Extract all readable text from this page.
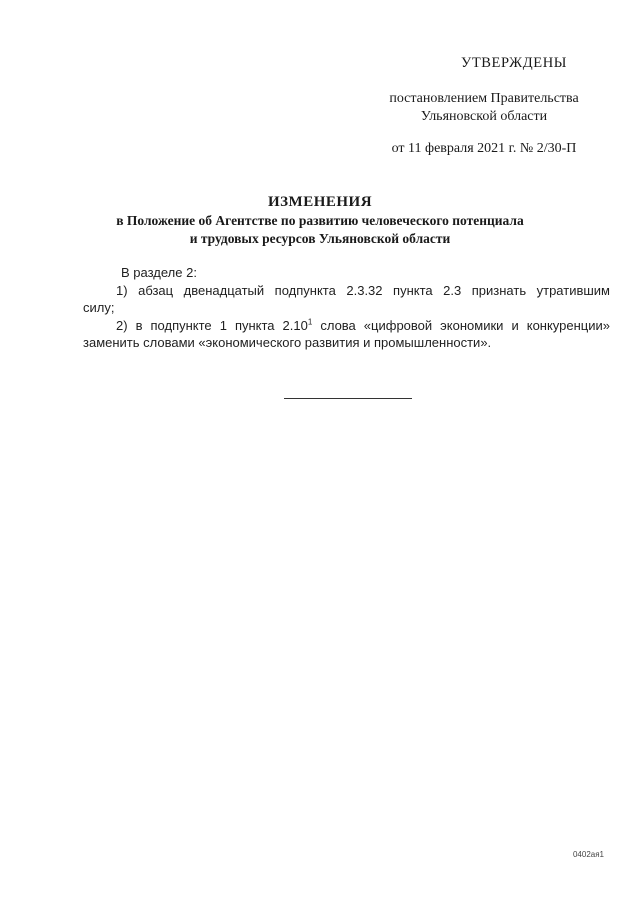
УТВЕРЖДЕНЫ
постановлением Правительства
Ульяновской области
от 11 февраля 2021 г. № 2/30-П
ИЗМЕНЕНИЯ
в Положение об Агентстве по развитию человеческого потенциала
и трудовых ресурсов Ульяновской области
В разделе 2:
1) абзац двенадцатый подпункта 2.3.32 пункта 2.3 признать утратившим
силу;
2) в подпункте 1 пункта 2.10$^1$ слова «цифровой экономики и конкуренции»
заменить словами «экономического развития и промышленности».
0402ая1
